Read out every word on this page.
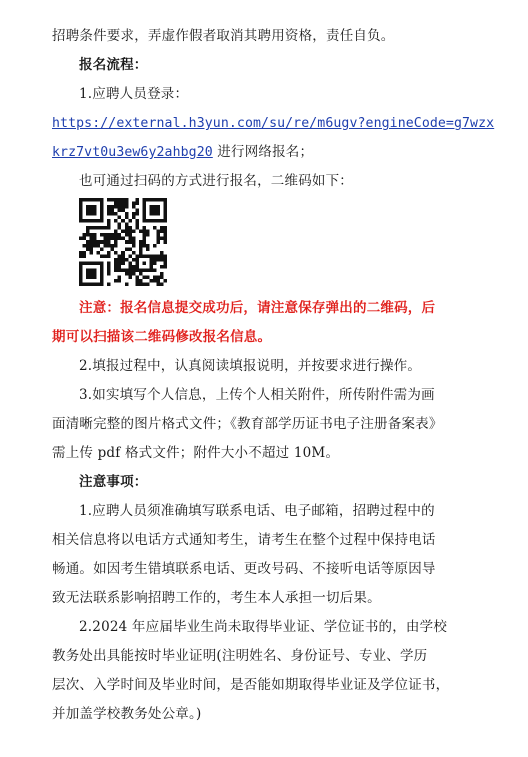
招聘条件要求，弄虚作假者取消其聘用资格，责任自负。
报名流程：
1.应聘人员登录：
https://external.h3yun.com/su/re/m6ugv?engineCode=g7wzx
krz7vt0u3ew6y2ahbg20 进行网络报名；
也可通过扫码的方式进行报名，二维码如下：
注意：报名信息提交成功后，请注意保存弹出的二维码，后
期可以扫描该二维码修改报名信息。
2.填报过程中，认真阅读填报说明，并按要求进行操作。
3.如实填写个人信息，上传个人相关附件，所传附件需为画
面清晰完整的图片格式文件；《教育部学历证书电子注册备案表》
需上传 pdf 格式文件；附件大小不超过 10M。
注意事项：
1.应聘人员须准确填写联系电话、电子邮箱，招聘过程中的
相关信息将以电话方式通知考生，请考生在整个过程中保持电话
畅通。如因考生错填联系电话、更改号码、不接听电话等原因导
致无法联系影响招聘工作的，考生本人承担一切后果。
2.2024 年应届毕业生尚未取得毕业证、学位证书的，由学校
教务处出具能按时毕业证明(注明姓名、身份证号、专业、学历
层次、入学时间及毕业时间，是否能如期取得毕业证及学位证书，
并加盖学校教务处公章。)
